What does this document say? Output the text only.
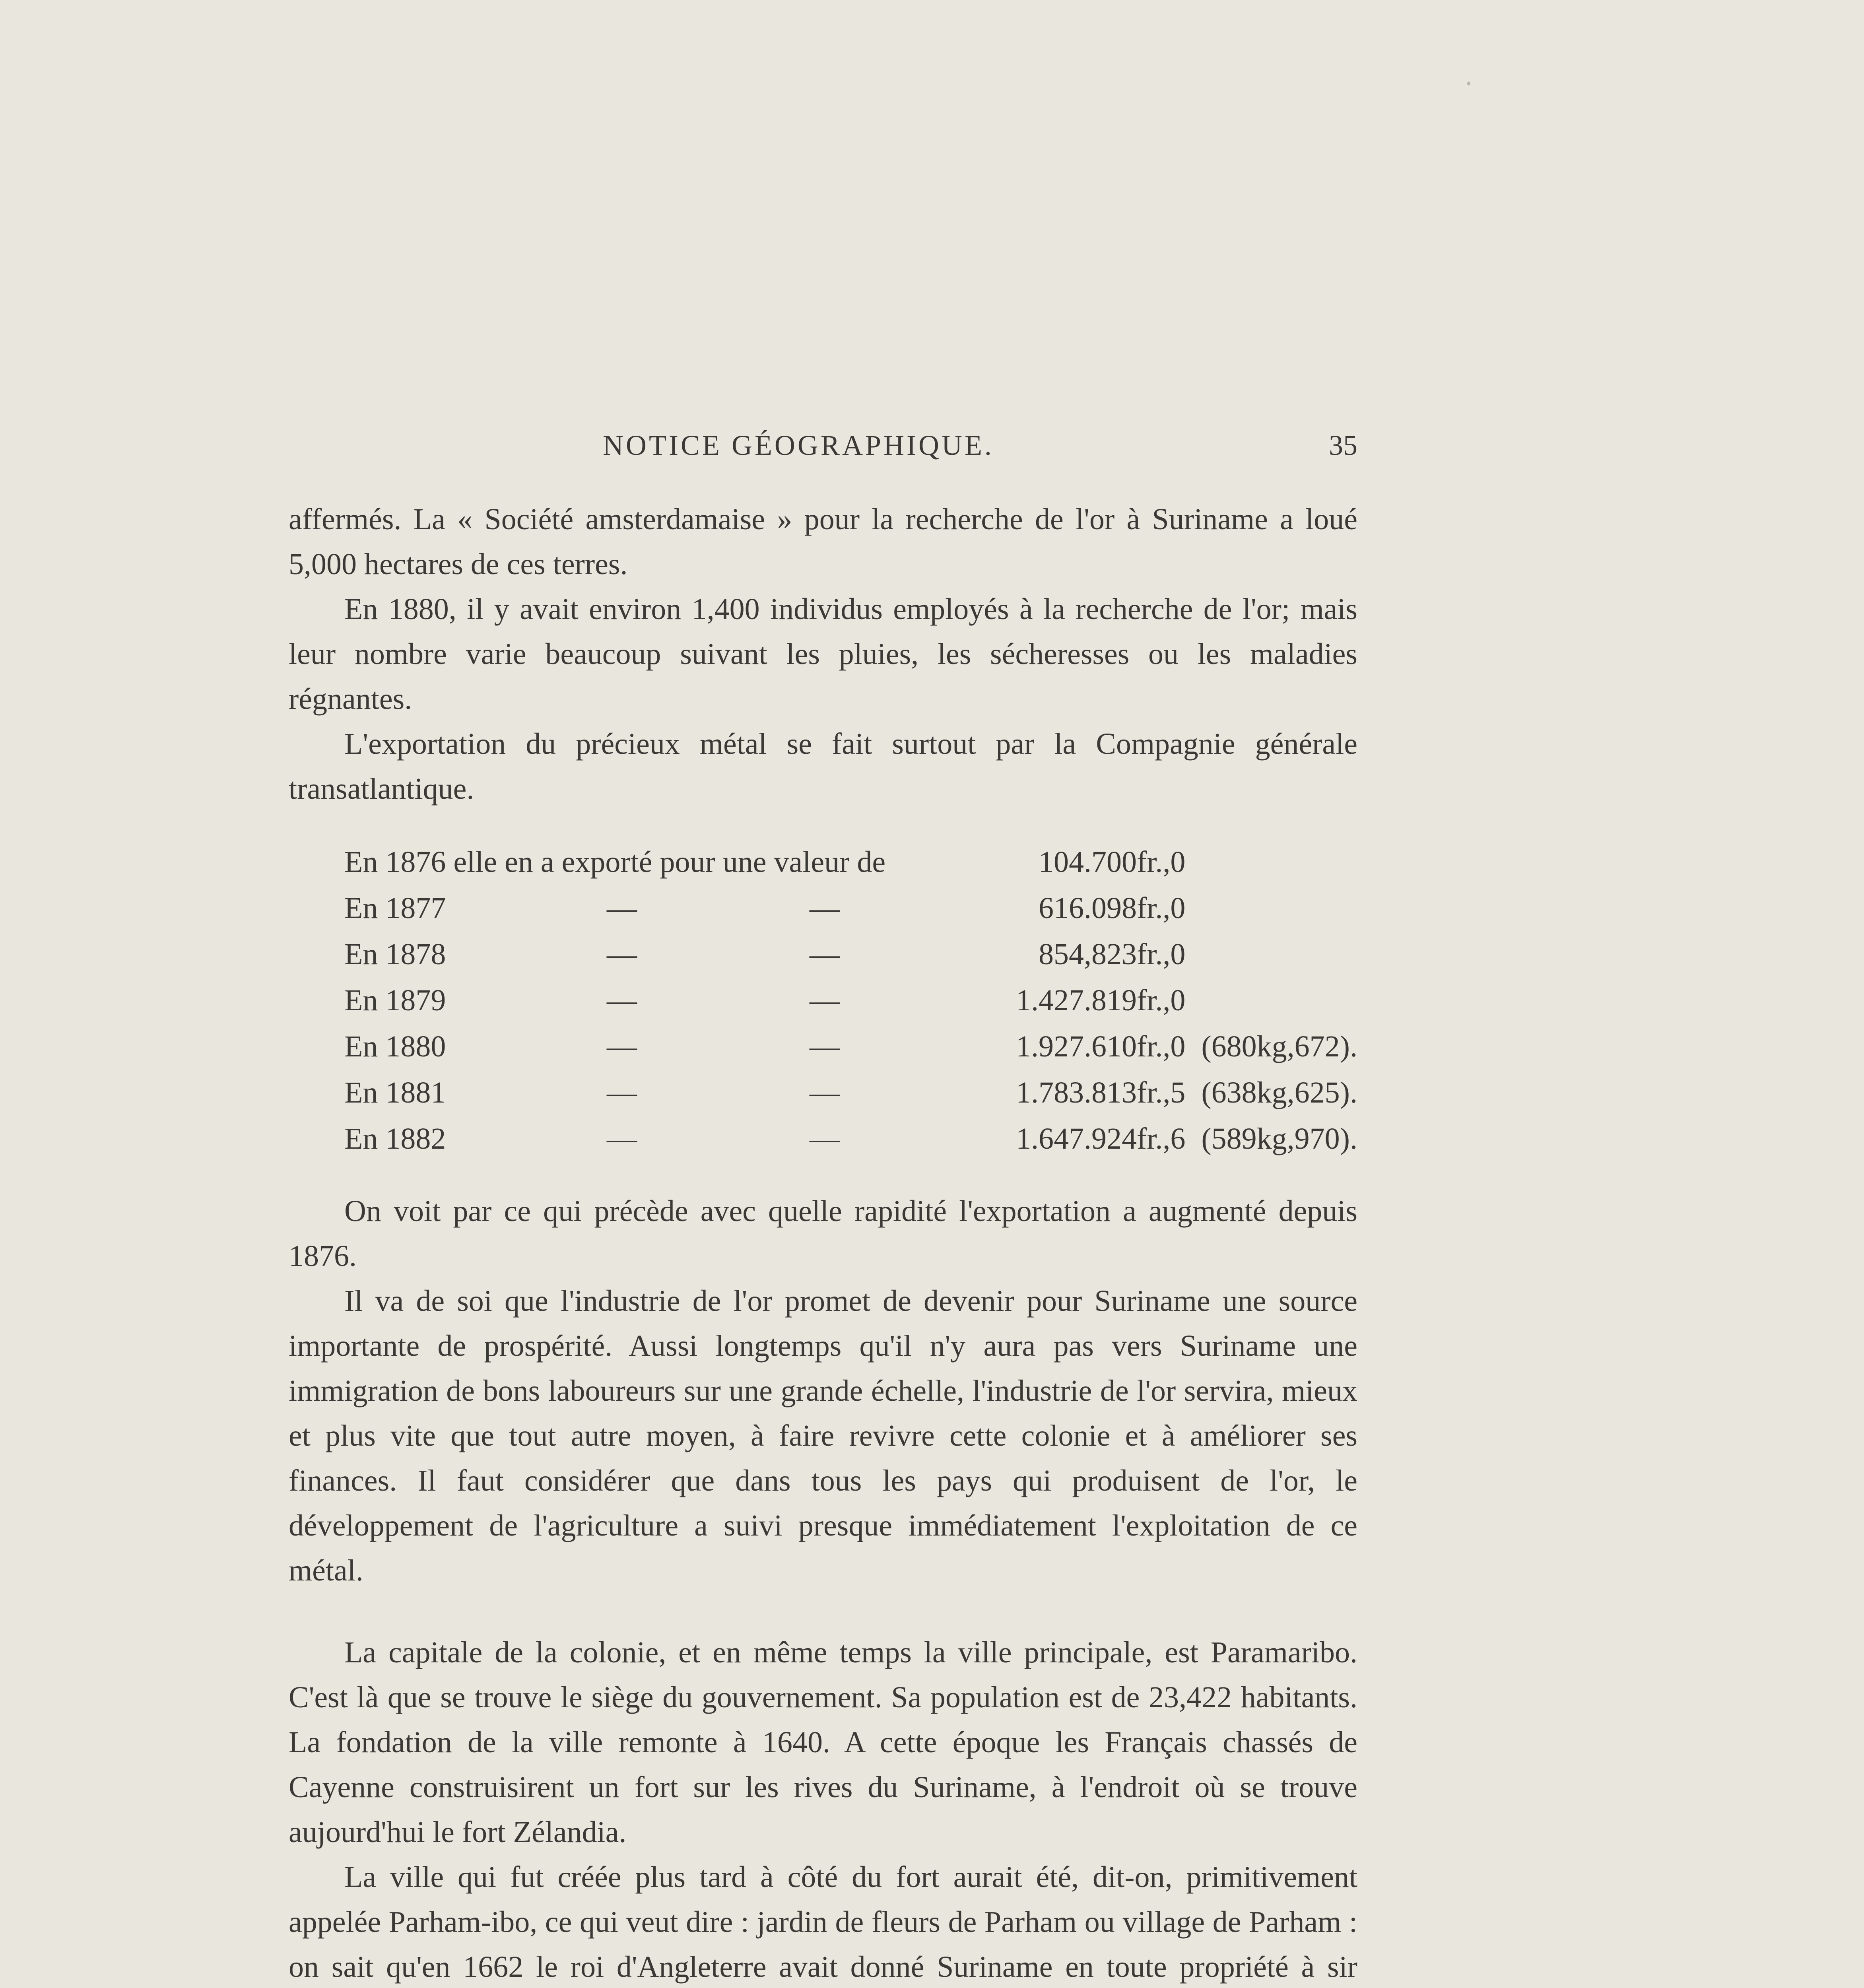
NOTICE GÉOGRAPHIQUE.	35

affermés. La « Société amsterdamaise » pour la recherche de l'or à Suriname a loué 5,000 hectares de ces terres.

En 1880, il y avait environ 1,400 individus employés à la recherche de l'or; mais leur nombre varie beaucoup suivant les pluies, les sécheresses ou les maladies régnantes.

L'exportation du précieux métal se fait surtout par la Compagnie générale transatlantique.

En 1876 elle en a exporté pour une valeur de	104.700fr.,0	

En 1877 — —	616.098fr.,0	

En 1878 — —	854,823fr.,0	

En 1879 — —	1.427.819fr.,0	

En 1880 — —	1.927.610fr.,0	(680kg,672).

En 1881 — —	1.783.813fr.,5	(638kg,625).

En 1882 — —	1.647.924fr.,6	(589kg,970).

On voit par ce qui précède avec quelle rapidité l'exportation a augmenté depuis 1876.

Il va de soi que l'industrie de l'or promet de devenir pour Suriname une source importante de prospérité. Aussi longtemps qu'il n'y aura pas vers Suriname une immigration de bons laboureurs sur une grande échelle, l'industrie de l'or servira, mieux et plus vite que tout autre moyen, à faire revivre cette colonie et à améliorer ses finances. Il faut considérer que dans tous les pays qui produisent de l'or, le développement de l'agriculture a suivi presque immédiatement l'exploitation de ce métal.

La capitale de la colonie, et en même temps la ville principale, est Paramaribo. C'est là que se trouve le siège du gouvernement. Sa population est de 23,422 habitants. La fondation de la ville remonte à 1640. A cette époque les Français chassés de Cayenne construisirent un fort sur les rives du Suriname, à l'endroit où se trouve aujourd'hui le fort Zélandia.

La ville qui fut créée plus tard à côté du fort aurait été, dit-on, primitivement appelée Parham-ibo, ce qui veut dire : jardin de fleurs de Parham ou village de Parham : on sait qu'en 1662 le roi d'Angleterre avait donné Suriname en toute propriété à sir
